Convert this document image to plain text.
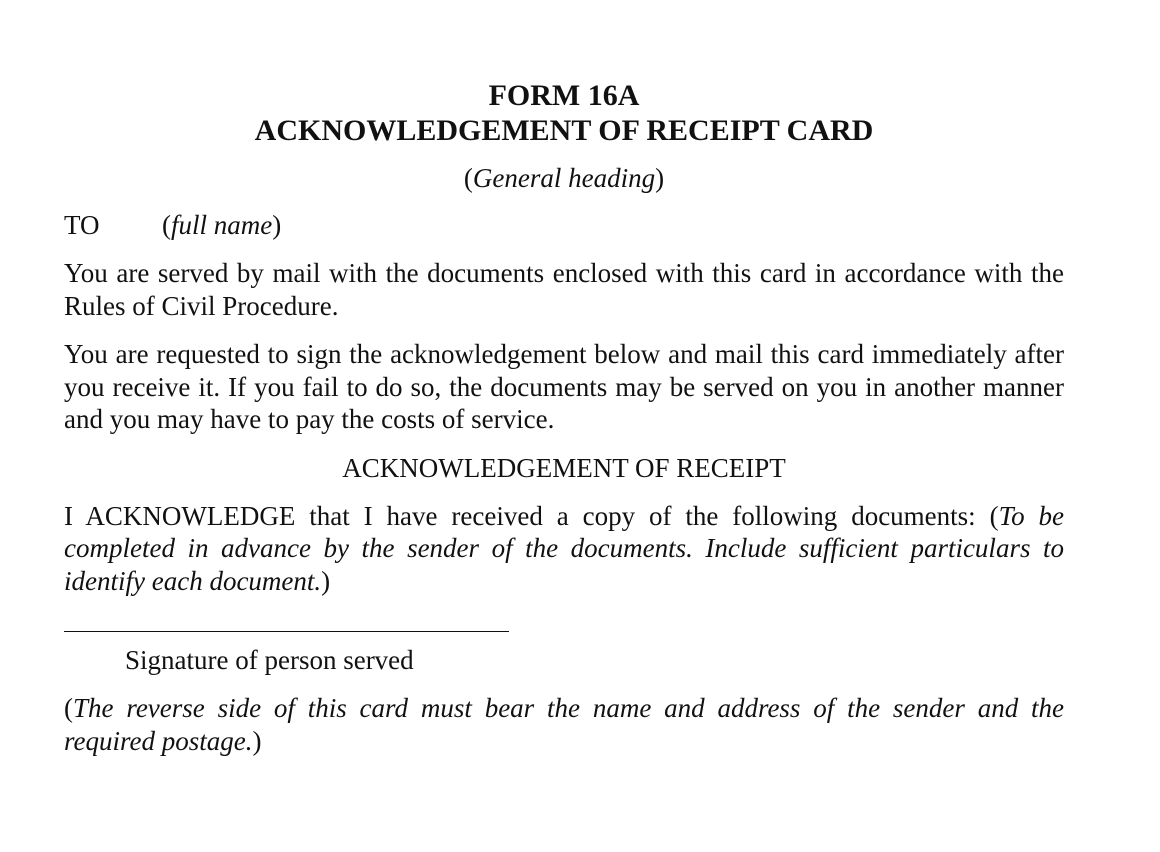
FORM 16A
ACKNOWLEDGEMENT OF RECEIPT CARD
(General heading)
TO (full name)

You are served by mail with the documents enclosed with this card in accordance with the Rules of Civil Procedure.

You are requested to sign the acknowledgement below and mail this card immediately after you receive it. If you fail to do so, the documents may be served on you in another manner and you may have to pay the costs of service.

ACKNOWLEDGEMENT OF RECEIPT

I ACKNOWLEDGE that I have received a copy of the following documents: (To be completed in advance by the sender of the documents. Include sufficient particulars to identify each document.)

Signature of person served

(The reverse side of this card must bear the name and address of the sender and the required postage.)
